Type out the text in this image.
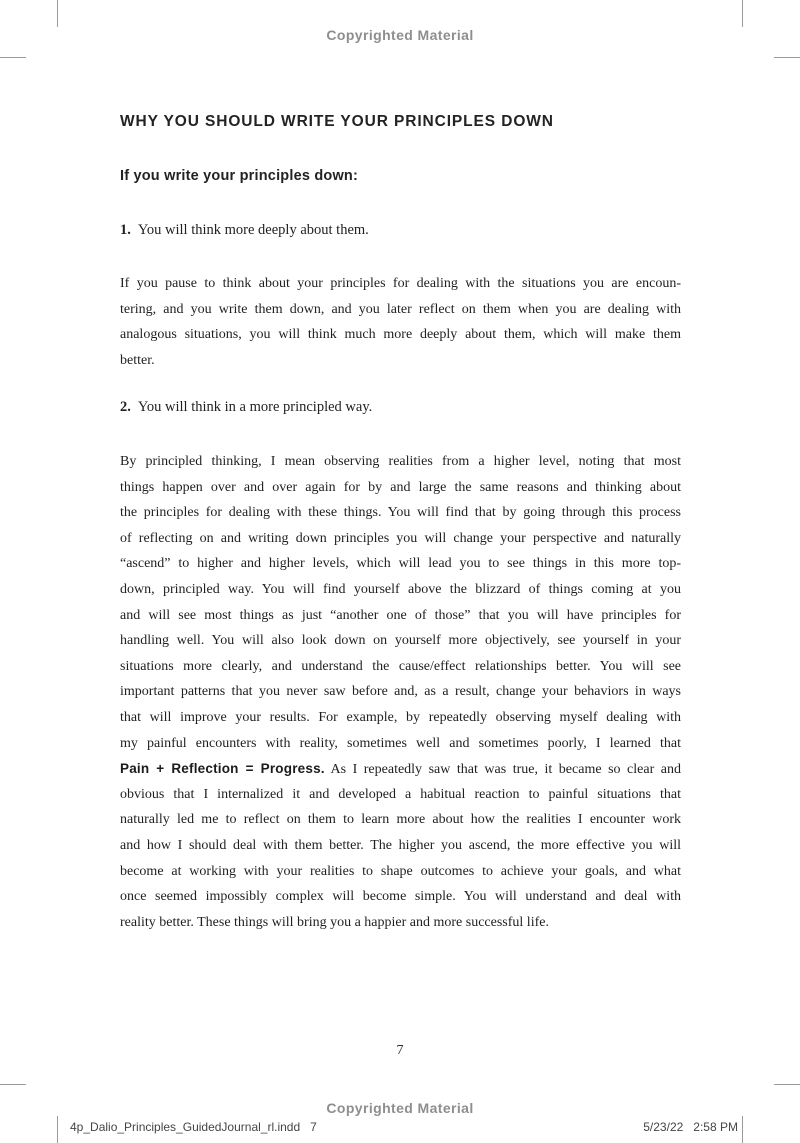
Copyrighted Material
WHY YOU SHOULD WRITE YOUR PRINCIPLES DOWN
If you write your principles down:
1. You will think more deeply about them.
If you pause to think about your principles for dealing with the situations you are encoun-
tering, and you write them down, and you later reflect on them when you are dealing with
analogous situations, you will think much more deeply about them, which will make them
better.
2. You will think in a more principled way.
By principled thinking, I mean observing realities from a higher level, noting that most
things happen over and over again for by and large the same reasons and thinking about
the principles for dealing with these things. You will find that by going through this process
of reflecting on and writing down principles you will change your perspective and naturally
“ascend” to higher and higher levels, which will lead you to see things in this more top-
down, principled way. You will find yourself above the blizzard of things coming at you
and will see most things as just “another one of those” that you will have principles for
handling well. You will also look down on yourself more objectively, see yourself in your
situations more clearly, and understand the cause/effect relationships better. You will see
important patterns that you never saw before and, as a result, change your behaviors in ways
that will improve your results. For example, by repeatedly observing myself dealing with
my painful encounters with reality, sometimes well and sometimes poorly, I learned that
Pain + Reflection = Progress. As I repeatedly saw that was true, it became so clear and
obvious that I internalized it and developed a habitual reaction to painful situations that
naturally led me to reflect on them to learn more about how the realities I encounter work
and how I should deal with them better. The higher you ascend, the more effective you will
become at working with your realities to shape outcomes to achieve your goals, and what
once seemed impossibly complex will become simple. You will understand and deal with
reality better. These things will bring you a happier and more successful life.
7
Copyrighted Material
4p_Dalio_Principles_GuidedJournal_rl.indd 7	5/23/22 2:58 PM
